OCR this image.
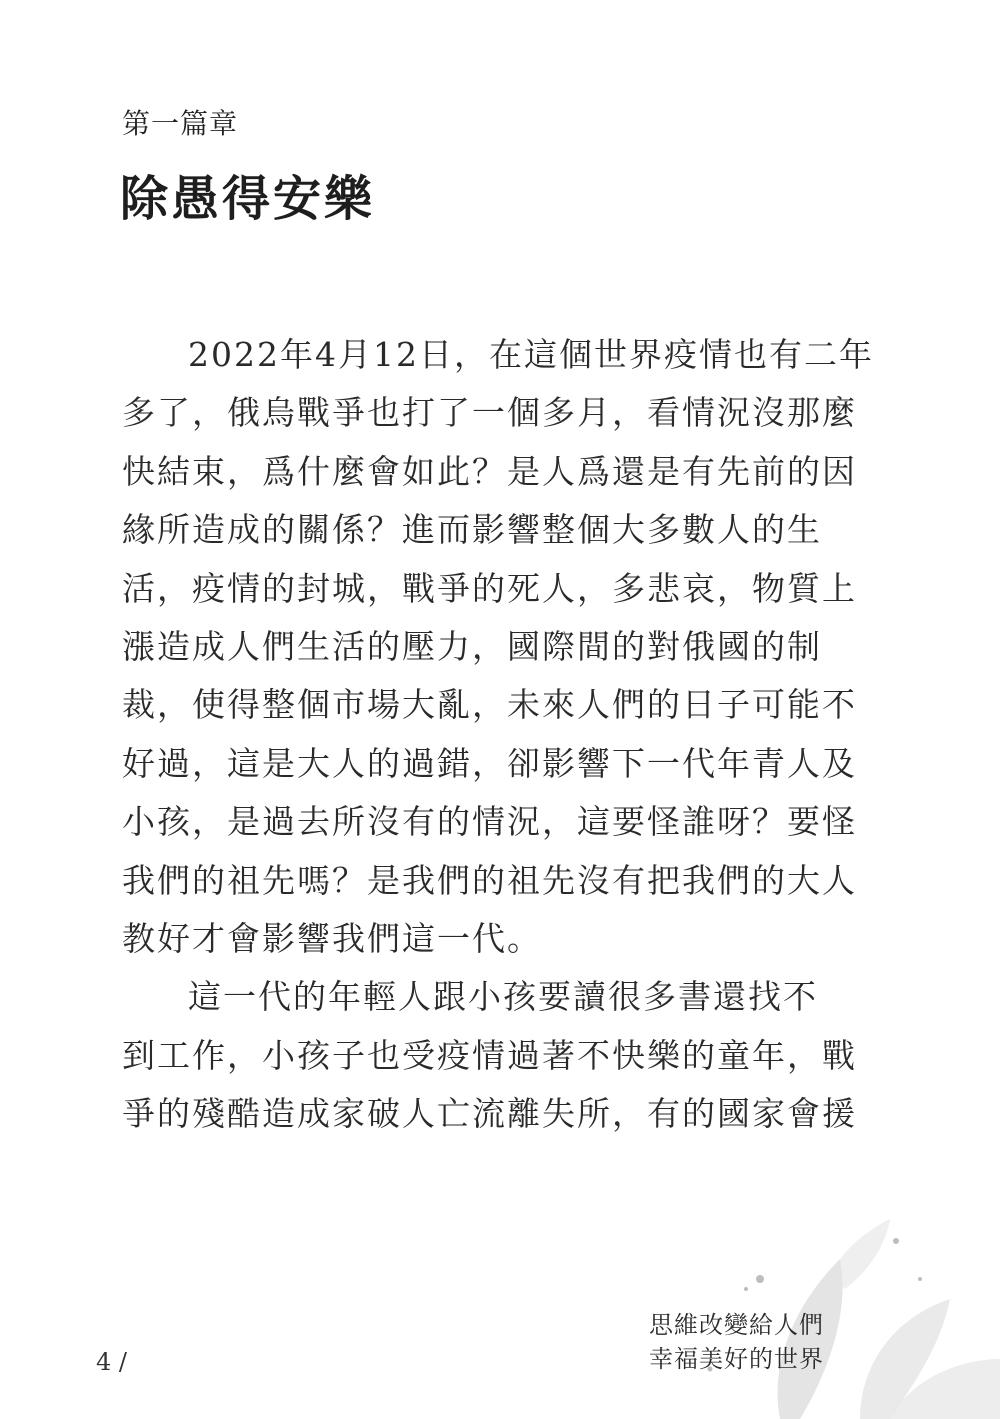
第一篇章
除愚得安樂
2022年4月12日，在這個世界疫情也有二年
多了，俄烏戰爭也打了一個多月，看情況沒那麼
快結束，爲什麼會如此？是人爲還是有先前的因
緣所造成的關係？進而影響整個大多數人的生
活，疫情的封城，戰爭的死人，多悲哀，物質上
漲造成人們生活的壓力，國際間的對俄國的制
裁，使得整個市場大亂，未來人們的日子可能不
好過，這是大人的過錯，卻影響下一代年青人及
小孩，是過去所沒有的情況，這要怪誰呀？要怪
我們的祖先嗎？是我們的祖先沒有把我們的大人
教好才會影響我們這一代。
這一代的年輕人跟小孩要讀很多書還找不
到工作，小孩子也受疫情過著不快樂的童年，戰
爭的殘酷造成家破人亡流離失所，有的國家會援
4 /
思維改變給人們
幸福美好的世界
